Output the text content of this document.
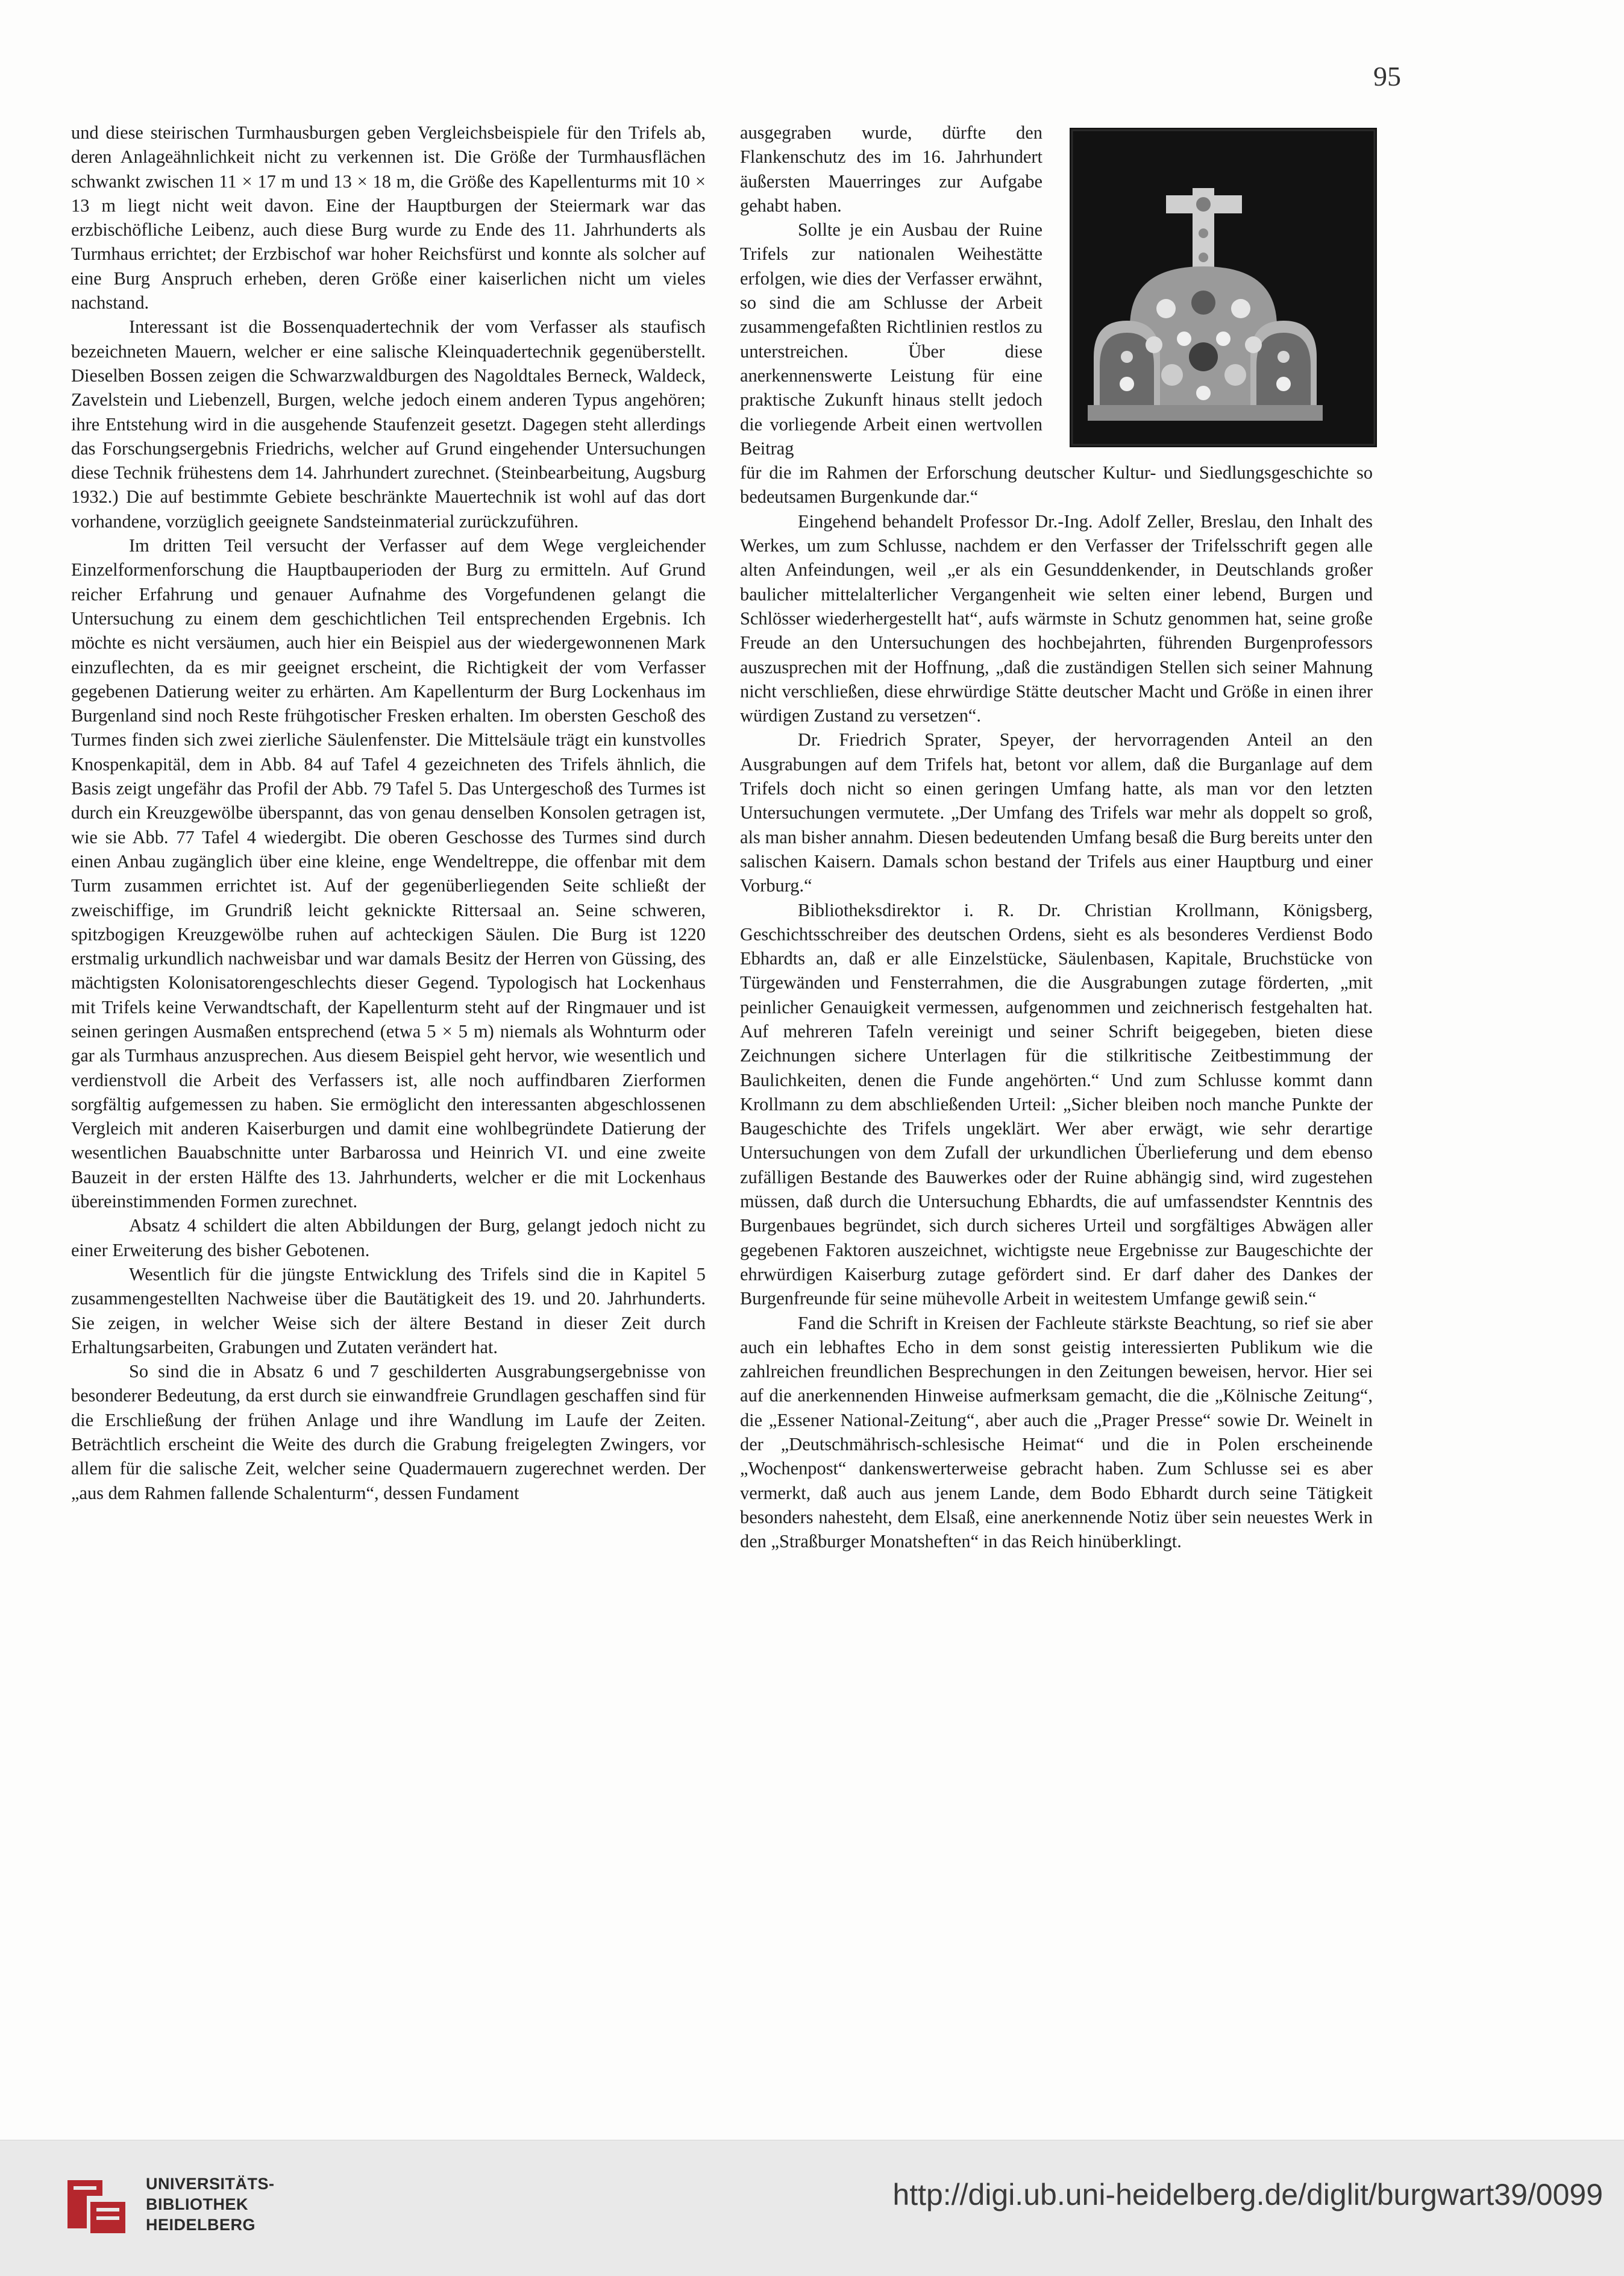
95

und diese steirischen Turmhausburgen geben Vergleichsbeispiele für den Trifels ab, deren Anlageähnlichkeit nicht zu verkennen ist. Die Größe der Turmhausflächen schwankt zwischen 11 × 17 m und 13 × 18 m, die Größe des Kapellenturms mit 10 × 13 m liegt nicht weit davon. Eine der Hauptburgen der Steiermark war das erzbischöfliche Leibenz, auch diese Burg wurde zu Ende des 11. Jahrhunderts als Turmhaus errichtet; der Erzbischof war hoher Reichsfürst und konnte als solcher auf eine Burg Anspruch erheben, deren Größe einer kaiserlichen nicht um vieles nachstand.

Interessant ist die Bossenquadertechnik der vom Verfasser als staufisch bezeichneten Mauern, welcher er eine salische Kleinquadertechnik gegenüberstellt. Dieselben Bossen zeigen die Schwarzwaldburgen des Nagoldtales Berneck, Waldeck, Zavelstein und Liebenzell, Burgen, welche jedoch einem anderen Typus angehören; ihre Entstehung wird in die ausgehende Staufenzeit gesetzt. Dagegen steht allerdings das Forschungsergebnis Friedrichs, welcher auf Grund eingehender Untersuchungen diese Technik frühestens dem 14. Jahrhundert zurechnet. (Steinbearbeitung, Augsburg 1932.) Die auf bestimmte Gebiete beschränkte Mauertechnik ist wohl auf das dort vorhandene, vorzüglich geeignete Sandsteinmaterial zurückzuführen.

Im dritten Teil versucht der Verfasser auf dem Wege vergleichender Einzelformenforschung die Hauptbauperioden der Burg zu ermitteln. Auf Grund reicher Erfahrung und genauer Aufnahme des Vorgefundenen gelangt die Untersuchung zu einem dem geschichtlichen Teil entsprechenden Ergebnis. Ich möchte es nicht versäumen, auch hier ein Beispiel aus der wiedergewonnenen Mark einzuflechten, da es mir geeignet erscheint, die Richtigkeit der vom Verfasser gegebenen Datierung weiter zu erhärten. Am Kapellenturm der Burg Lockenhaus im Burgenland sind noch Reste frühgotischer Fresken erhalten. Im obersten Geschoß des Turmes finden sich zwei zierliche Säulenfenster. Die Mittelsäule trägt ein kunstvolles Knospenkapitäl, dem in Abb. 84 auf Tafel 4 gezeichneten des Trifels ähnlich, die Basis zeigt ungefähr das Profil der Abb. 79 Tafel 5. Das Untergeschoß des Turmes ist durch ein Kreuzgewölbe überspannt, das von genau denselben Konsolen getragen ist, wie sie Abb. 77 Tafel 4 wiedergibt. Die oberen Geschosse des Turmes sind durch einen Anbau zugänglich über eine kleine, enge Wendeltreppe, die offenbar mit dem Turm zusammen errichtet ist. Auf der gegenüberliegenden Seite schließt der zweischiffige, im Grundriß leicht geknickte Rittersaal an. Seine schweren, spitzbogigen Kreuzgewölbe ruhen auf achteckigen Säulen. Die Burg ist 1220 erstmalig urkundlich nachweisbar und war damals Besitz der Herren von Güssing, des mächtigsten Kolonisatorengeschlechts dieser Gegend. Typologisch hat Lockenhaus mit Trifels keine Verwandtschaft, der Kapellenturm steht auf der Ringmauer und ist seinen geringen Ausmaßen entsprechend (etwa 5 × 5 m) niemals als Wohnturm oder gar als Turmhaus anzusprechen. Aus diesem Beispiel geht hervor, wie wesentlich und verdienstvoll die Arbeit des Verfassers ist, alle noch auffindbaren Zierformen sorgfältig aufgemessen zu haben. Sie ermöglicht den interessanten abgeschlossenen Vergleich mit anderen Kaiserburgen und damit eine wohlbegründete Datierung der wesentlichen Bauabschnitte unter Barbarossa und Heinrich VI. und eine zweite Bauzeit in der ersten Hälfte des 13. Jahrhunderts, welcher er die mit Lockenhaus übereinstimmenden Formen zurechnet.

Absatz 4 schildert die alten Abbildungen der Burg, gelangt jedoch nicht zu einer Erweiterung des bisher Gebotenen.

Wesentlich für die jüngste Entwicklung des Trifels sind die in Kapitel 5 zusammengestellten Nachweise über die Bautätigkeit des 19. und 20. Jahrhunderts. Sie zeigen, in welcher Weise sich der ältere Bestand in dieser Zeit durch Erhaltungsarbeiten, Grabungen und Zutaten verändert hat.

So sind die in Absatz 6 und 7 geschilderten Ausgrabungsergebnisse von besonderer Bedeutung, da erst durch sie einwandfreie Grundlagen geschaffen sind für die Erschließung der frühen Anlage und ihre Wandlung im Laufe der Zeiten. Beträchtlich erscheint die Weite des durch die Grabung freigelegten Zwingers, vor allem für die salische Zeit, welcher seine Quadermauern zugerechnet werden. Der „aus dem Rahmen fallende Schalenturm“, dessen Fundament

ausgegraben wurde, dürfte den Flankenschutz des im 16. Jahrhundert äußersten Mauerringes zur Aufgabe gehabt haben.

Sollte je ein Ausbau der Ruine Trifels zur nationalen Weihestätte erfolgen, wie dies der Verfasser erwähnt, so sind die am Schlusse der Arbeit zusammengefaßten Richtlinien restlos zu unterstreichen. Über diese anerkennenswerte Leistung für eine praktische Zukunft hinaus stellt jedoch die vorliegende Arbeit einen wertvollen Beitrag

für die im Rahmen der Erforschung deutscher Kultur- und Siedlungsgeschichte so bedeutsamen Burgenkunde dar.“

Eingehend behandelt Professor Dr.-Ing. Adolf Zeller, Breslau, den Inhalt des Werkes, um zum Schlusse, nachdem er den Verfasser der Trifelsschrift gegen alle alten Anfeindungen, weil „er als ein Gesunddenkender, in Deutschlands großer baulicher mittelalterlicher Vergangenheit wie selten einer lebend, Burgen und Schlösser wiederhergestellt hat“, aufs wärmste in Schutz genommen hat, seine große Freude an den Untersuchungen des hochbejahrten, führenden Burgenprofessors auszusprechen mit der Hoffnung, „daß die zuständigen Stellen sich seiner Mahnung nicht verschließen, diese ehrwürdige Stätte deutscher Macht und Größe in einen ihrer würdigen Zustand zu versetzen“.

Dr. Friedrich Sprater, Speyer, der hervorragenden Anteil an den Ausgrabungen auf dem Trifels hat, betont vor allem, daß die Burganlage auf dem Trifels doch nicht so einen geringen Umfang hatte, als man vor den letzten Untersuchungen vermutete. „Der Umfang des Trifels war mehr als doppelt so groß, als man bisher annahm. Diesen bedeutenden Umfang besaß die Burg bereits unter den salischen Kaisern. Damals schon bestand der Trifels aus einer Hauptburg und einer Vorburg.“

Bibliotheksdirektor i. R. Dr. Christian Krollmann, Königsberg, Geschichtsschreiber des deutschen Ordens, sieht es als besonderes Verdienst Bodo Ebhardts an, daß er alle Einzelstücke, Säulenbasen, Kapitale, Bruchstücke von Türgewänden und Fensterrahmen, die die Ausgrabungen zutage förderten, „mit peinlicher Genauigkeit vermessen, aufgenommen und zeichnerisch festgehalten hat. Auf mehreren Tafeln vereinigt und seiner Schrift beigegeben, bieten diese Zeichnungen sichere Unterlagen für die stilkritische Zeitbestimmung der Baulichkeiten, denen die Funde angehörten.“ Und zum Schlusse kommt dann Krollmann zu dem abschließenden Urteil: „Sicher bleiben noch manche Punkte der Baugeschichte des Trifels ungeklärt. Wer aber erwägt, wie sehr derartige Untersuchungen von dem Zufall der urkundlichen Überlieferung und dem ebenso zufälligen Bestande des Bauwerkes oder der Ruine abhängig sind, wird zugestehen müssen, daß durch die Untersuchung Ebhardts, die auf umfassendster Kenntnis des Burgenbaues begründet, sich durch sicheres Urteil und sorgfältiges Abwägen aller gegebenen Faktoren auszeichnet, wichtigste neue Ergebnisse zur Baugeschichte der ehrwürdigen Kaiserburg zutage gefördert sind. Er darf daher des Dankes der Burgenfreunde für seine mühevolle Arbeit in weitestem Umfange gewiß sein.“

Fand die Schrift in Kreisen der Fachleute stärkste Beachtung, so rief sie aber auch ein lebhaftes Echo in dem sonst geistig interessierten Publikum wie die zahlreichen freundlichen Besprechungen in den Zeitungen beweisen, hervor. Hier sei auf die anerkennenden Hinweise aufmerksam gemacht, die die „Kölnische Zeitung“, die „Essener National-Zeitung“, aber auch die „Prager Presse“ sowie Dr. Weinelt in der „Deutschmährisch-schlesische Heimat“ und die in Polen erscheinende „Wochenpost“ dankenswerterweise gebracht haben. Zum Schlusse sei es aber vermerkt, daß auch aus jenem Lande, dem Bodo Ebhardt durch seine Tätigkeit besonders nahesteht, dem Elsaß, eine anerkennende Notiz über sein neuestes Werk in den „Straßburger Monatsheften“ in das Reich hinüberklingt.

UNIVERSITÄTS-
BIBLIOTHEK
HEIDELBERG
http://digi.ub.uni-heidelberg.de/diglit/burgwart39/0099
